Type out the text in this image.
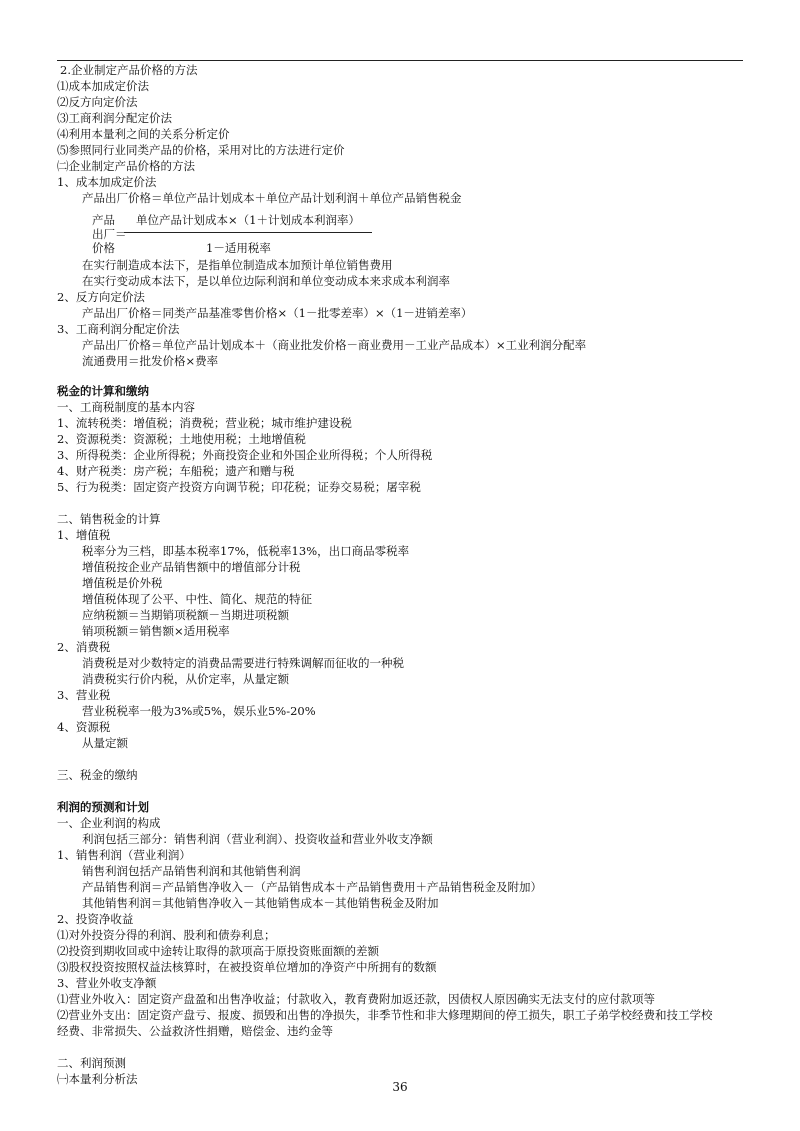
2.企业制定产品价格的方法
⑴成本加成定价法
⑵反方向定价法
⑶工商利润分配定价法
⑷利用本量利之间的关系分析定价
⑸参照同行业同类产品的价格，采用对比的方法进行定价
㈡企业制定产品价格的方法
1、成本加成定价法
产品出厂价格＝单位产品计划成本＋单位产品计划利润＋单位产品销售税金
产品 单位产品计划成本×（1＋计划成本利润率）
出厂＝
价格	1－适用税率
在实行制造成本法下，是指单位制造成本加预计单位销售费用
在实行变动成本法下，是以单位边际利润和单位变动成本来求成本利润率
2、反方向定价法
产品出厂价格＝同类产品基准零售价格×（1－批零差率）×（1－进销差率）
3、工商利润分配定价法
产品出厂价格＝单位产品计划成本＋（商业批发价格－商业费用－工业产品成本）×工业利润分配率
流通费用＝批发价格×费率
税金的计算和缴纳
一、工商税制度的基本内容
1、流转税类：增值税；消费税；营业税；城市维护建设税
2、资源税类：资源税；土地使用税；土地增值税
3、所得税类：企业所得税；外商投资企业和外国企业所得税；个人所得税
4、财产税类：房产税；车船税；遗产和赠与税
5、行为税类：固定资产投资方向调节税；印花税；证券交易税；屠宰税
二、销售税金的计算
1、增值税
税率分为三档，即基本税率17%，低税率13%，出口商品零税率
增值税按企业产品销售额中的增值部分计税
增值税是价外税
增值税体现了公平、中性、简化、规范的特征
应纳税额＝当期销项税额－当期进项税额
销项税额＝销售额×适用税率
2、消费税
消费税是对少数特定的消费品需要进行特殊调解而征收的一种税
消费税实行价内税，从价定率，从量定额
3、营业税
营业税税率一般为3%或5%，娱乐业5%-20%
4、资源税
从量定额
三、税金的缴纳
利润的预测和计划
一、企业利润的构成
利润包括三部分：销售利润（营业利润）、投资收益和营业外收支净额
1、销售利润（营业利润）
销售利润包括产品销售利润和其他销售利润
产品销售利润＝产品销售净收入－（产品销售成本＋产品销售费用＋产品销售税金及附加）
其他销售利润＝其他销售净收入－其他销售成本－其他销售税金及附加
2、投资净收益
⑴对外投资分得的利润、股利和债券利息；
⑵投资到期收回或中途转让取得的款项高于原投资账面额的差额
⑶股权投资按照权益法核算时，在被投资单位增加的净资产中所拥有的数额
3、营业外收支净额
⑴营业外收入：固定资产盘盈和出售净收益；付款收入，教育费附加返还款，因债权人原因确实无法支付的应付款项等
⑵营业外支出：固定资产盘亏、报废、损毁和出售的净损失，非季节性和非大修理期间的停工损失，职工子弟学校经费和技工学校
经费、非常损失、公益救济性捐赠，赔偿金、违约金等
二、利润预测
㈠本量利分析法
36
